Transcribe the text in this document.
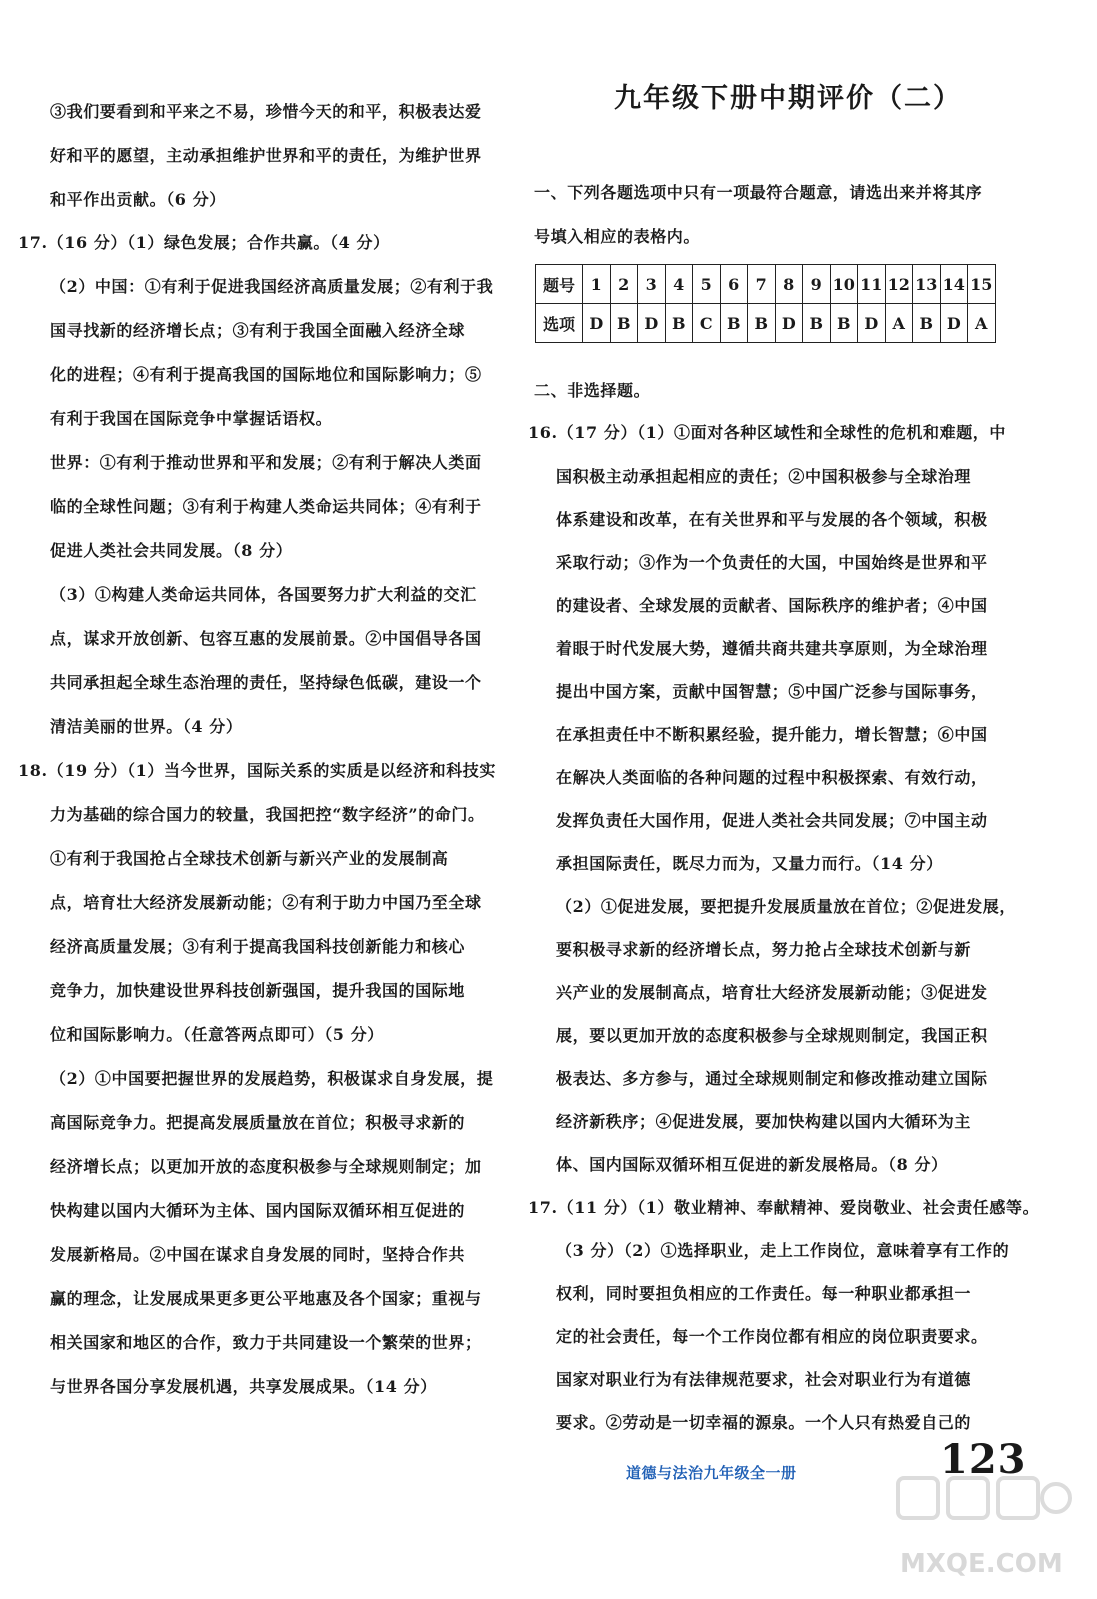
③我们要看到和平来之不易，珍惜今天的和平，积极表达爱
好和平的愿望，主动承担维护世界和平的责任，为维护世界
和平作出贡献。（6 分）
17.（16 分）（1）绿色发展；合作共赢。（4 分）
（2）中国：①有利于促进我国经济高质量发展；②有利于我
国寻找新的经济增长点；③有利于我国全面融入经济全球
化的进程；④有利于提高我国的国际地位和国际影响力；⑤
有利于我国在国际竞争中掌握话语权。
世界：①有利于推动世界和平和发展；②有利于解决人类面
临的全球性问题；③有利于构建人类命运共同体；④有利于
促进人类社会共同发展。（8 分）
（3）①构建人类命运共同体，各国要努力扩大利益的交汇
点，谋求开放创新、包容互惠的发展前景。②中国倡导各国
共同承担起全球生态治理的责任，坚持绿色低碳，建设一个
清洁美丽的世界。（4 分）
18.（19 分）（1）当今世界，国际关系的实质是以经济和科技实
力为基础的综合国力的较量，我国把控“数字经济”的命门。
①有利于我国抢占全球技术创新与新兴产业的发展制高
点，培育壮大经济发展新动能；②有利于助力中国乃至全球
经济高质量发展；③有利于提高我国科技创新能力和核心
竞争力，加快建设世界科技创新强国，提升我国的国际地
位和国际影响力。（任意答两点即可）（5 分）
（2）①中国要把握世界的发展趋势，积极谋求自身发展，提
高国际竞争力。把提高发展质量放在首位；积极寻求新的
经济增长点；以更加开放的态度积极参与全球规则制定；加
快构建以国内大循环为主体、国内国际双循环相互促进的
发展新格局。②中国在谋求自身发展的同时，坚持合作共
赢的理念，让发展成果更多更公平地惠及各个国家；重视与
相关国家和地区的合作，致力于共同建设一个繁荣的世界；
与世界各国分享发展机遇，共享发展成果。（14 分）
九年级下册中期评价（二）
一、下列各题选项中只有一项最符合题意，请选出来并将其序
号填入相应的表格内。
题号	1	2	3	4	5	6	7	8	9	10	11	12	13	14	15
选项	D	B	D	B	C	B	B	D	B	B	D	A	B	D	A
二、非选择题。
16.（17 分）（1）①面对各种区域性和全球性的危机和难题，中
国积极主动承担起相应的责任；②中国积极参与全球治理
体系建设和改革，在有关世界和平与发展的各个领域，积极
采取行动；③作为一个负责任的大国，中国始终是世界和平
的建设者、全球发展的贡献者、国际秩序的维护者；④中国
着眼于时代发展大势，遵循共商共建共享原则，为全球治理
提出中国方案，贡献中国智慧；⑤中国广泛参与国际事务，
在承担责任中不断积累经验，提升能力，增长智慧；⑥中国
在解决人类面临的各种问题的过程中积极探索、有效行动，
发挥负责任大国作用，促进人类社会共同发展；⑦中国主动
承担国际责任，既尽力而为，又量力而行。（14 分）
（2）①促进发展，要把提升发展质量放在首位；②促进发展，
要积极寻求新的经济增长点，努力抢占全球技术创新与新
兴产业的发展制高点，培育壮大经济发展新动能；③促进发
展，要以更加开放的态度积极参与全球规则制定，我国正积
极表达、多方参与，通过全球规则制定和修改推动建立国际
经济新秩序；④促进发展，要加快构建以国内大循环为主
体、国内国际双循环相互促进的新发展格局。（8 分）
17.（11 分）（1）敬业精神、奉献精神、爱岗敬业、社会责任感等。
（3 分）（2）①选择职业，走上工作岗位，意味着享有工作的
权利，同时要担负相应的工作责任。每一种职业都承担一
定的社会责任，每一个工作岗位都有相应的岗位职责要求。
国家对职业行为有法律规范要求，社会对职业行为有道德
要求。②劳动是一切幸福的源泉。一个人只有热爱自己的
道德与法治九年级全一册	123
MXQE.COM
